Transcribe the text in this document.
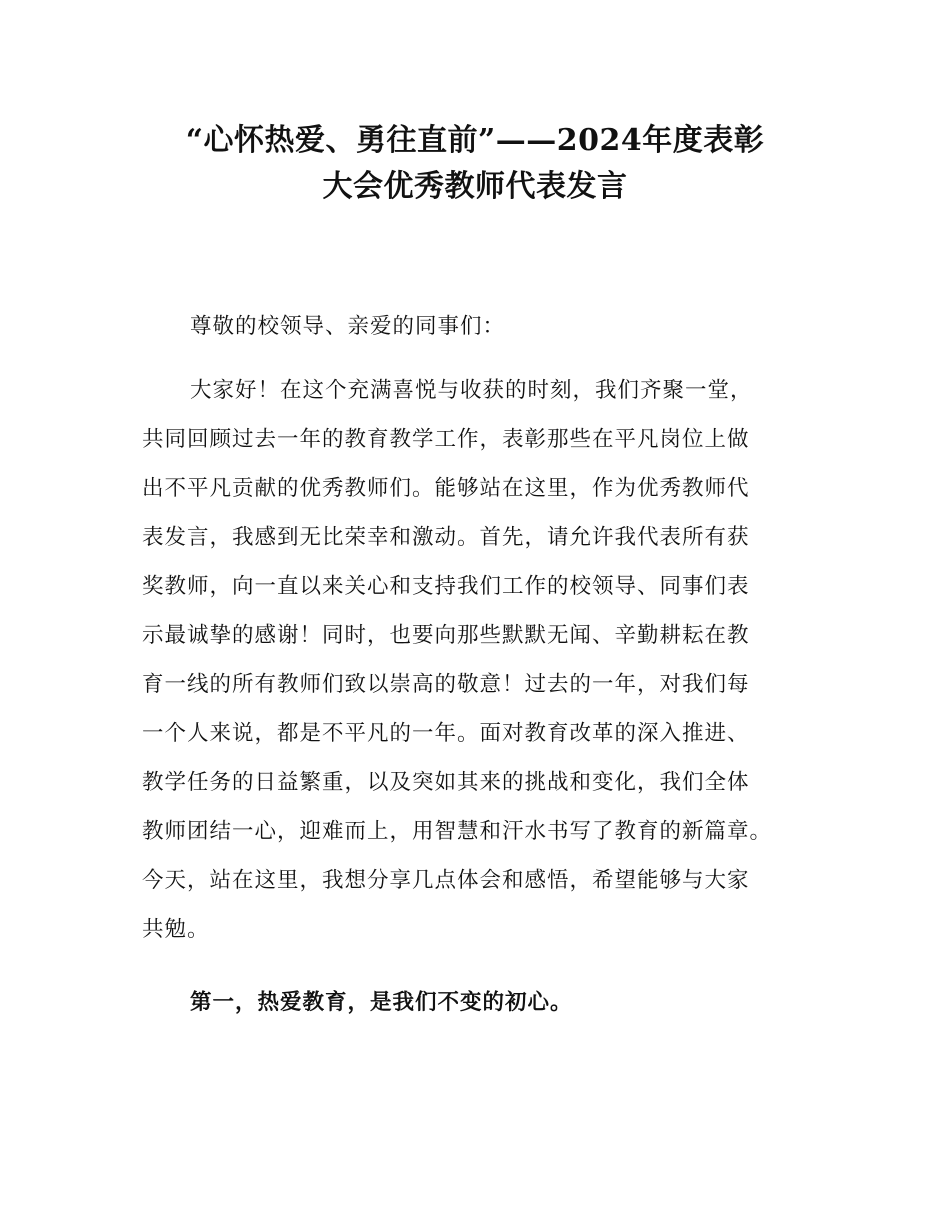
“心怀热爱、勇往直前”——2024年度表彰
大会优秀教师代表发言
尊敬的校领导、亲爱的同事们：
大家好！在这个充满喜悦与收获的时刻，我们齐聚一堂，
共同回顾过去一年的教育教学工作，表彰那些在平凡岗位上做
出不平凡贡献的优秀教师们。能够站在这里，作为优秀教师代
表发言，我感到无比荣幸和激动。首先，请允许我代表所有获
奖教师，向一直以来关心和支持我们工作的校领导、同事们表
示最诚挚的感谢！同时，也要向那些默默无闻、辛勤耕耘在教
育一线的所有教师们致以崇高的敬意！过去的一年，对我们每
一个人来说，都是不平凡的一年。面对教育改革的深入推进、
教学任务的日益繁重，以及突如其来的挑战和变化，我们全体
教师团结一心，迎难而上，用智慧和汗水书写了教育的新篇章。
今天，站在这里，我想分享几点体会和感悟，希望能够与大家
共勉。
第一，热爱教育，是我们不变的初心。
